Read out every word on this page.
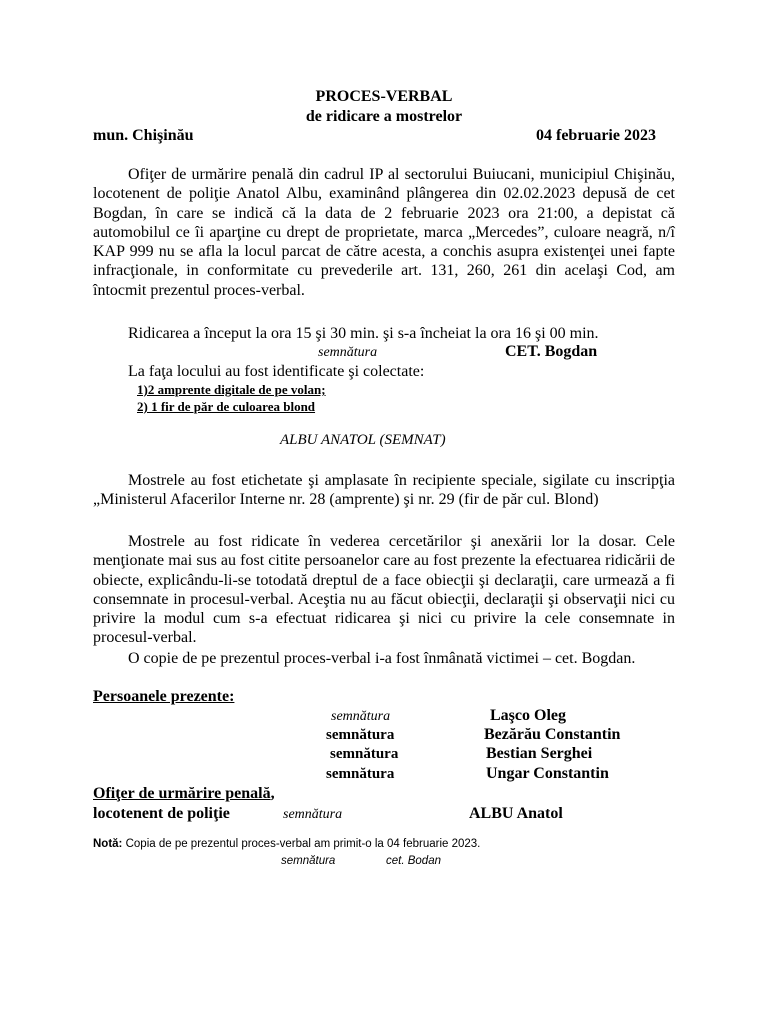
PROCES-VERBAL
de ridicare a mostrelor
mun. Chişinău	04 februarie 2023
Ofiţer de urmărire penală din cadrul IP al sectorului Buiucani, municipiul Chişinău, locotenent de poliţie Anatol Albu, examinând plângerea din 02.02.2023 depusă de cet Bogdan, în care se indică că la data de 2 februarie 2023 ora 21:00, a depistat că automobilul ce îi aparţine cu drept de proprietate, marca „Mercedes”, culoare neagră, n/î KAP 999 nu se afla la locul parcat de către acesta, a conchis asupra existenţei unei fapte infracţionale, in conformitate cu prevederile art. 131, 260, 261 din acelaşi Cod, am întocmit prezentul proces-verbal.
Ridicarea a început la ora 15 şi 30 min. şi s-a încheiat la ora 16 şi 00 min.
semnătura	CET. Bogdan
La faţa locului au fost identificate şi colectate:
1)2 amprente digitale de pe volan;
2) 1 fir de păr de culoarea blond
ALBU ANATOL (SEMNAT)
Mostrele au fost etichetate şi amplasate în recipiente speciale, sigilate cu inscripţia „Ministerul Afacerilor Interne nr. 28 (amprente) şi nr. 29 (fir de păr cul. Blond)
Mostrele au fost ridicate în vederea cercetărilor şi anexării lor la dosar. Cele menţionate mai sus au fost citite persoanelor care au fost prezente la efectuarea ridicării de obiecte, explicându-li-se totodată dreptul de a face obiecţii şi declaraţii, care urmează a fi consemnate in procesul-verbal. Aceştia nu au făcut obiecţii, declaraţii şi observaţii nici cu privire la modul cum s-a efectuat ridicarea şi nici cu privire la cele consemnate in procesul-verbal.
O copie de pe prezentul proces-verbal i-a fost înmânată victimei – cet. Bogdan.
Persoanele prezente:
semnătura	Laşco Oleg
semnătura	Bezărău Constantin
semnătura	Bestian Serghei
semnătura	Ungar Constantin
Ofiţer de urmărire penală,
locotenent de poliţie	semnătura	ALBU Anatol
Notă: Copia de pe prezentul proces-verbal am primit-o la 04 februarie 2023.
semnătura	cet. Bodan
